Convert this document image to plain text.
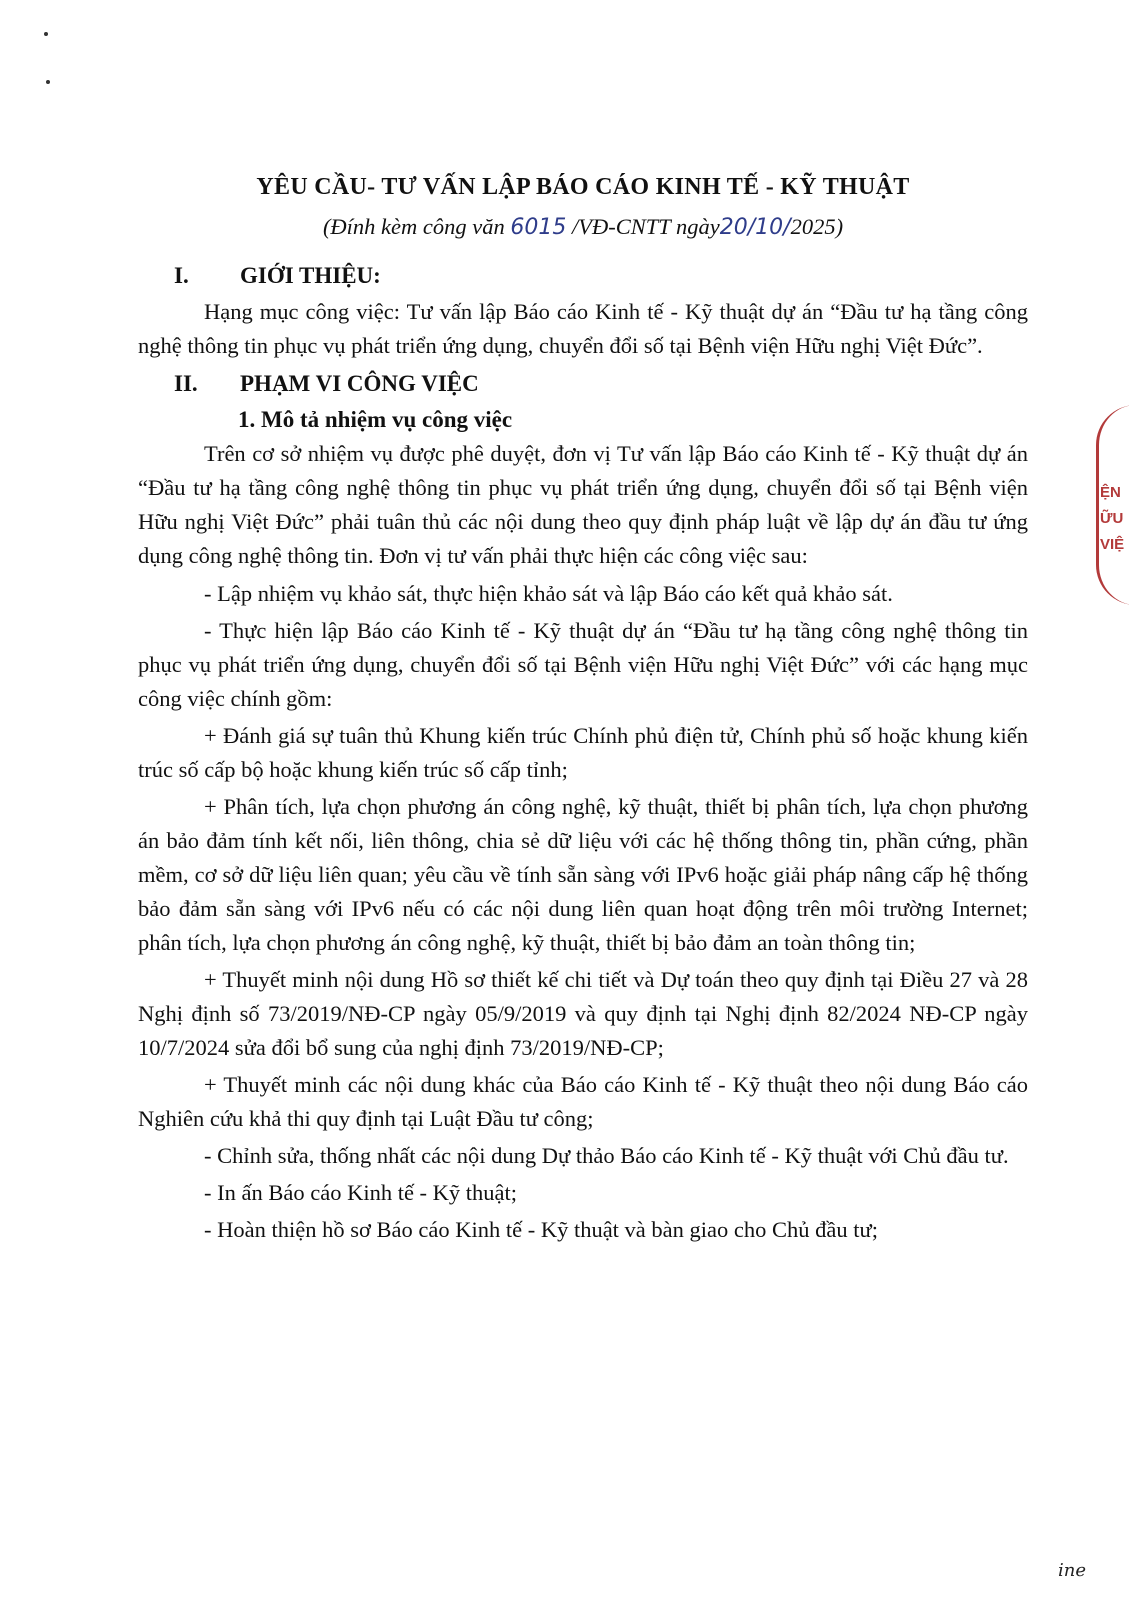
ỆN
ỮU
VIỆ
YÊU CẦU- TƯ VẤN LẬP BÁO CÁO KINH TẾ - KỸ THUẬT
(Đính kèm công văn 6015 /VĐ-CNTT ngày20/10/2025)
I. GIỚI THIỆU:

Hạng mục công việc: Tư vấn lập Báo cáo Kinh tế - Kỹ thuật dự án “Đầu tư hạ tầng công nghệ thông tin phục vụ phát triển ứng dụng, chuyển đổi số tại Bệnh viện Hữu nghị Việt Đức”.

II. PHẠM VI CÔNG VIỆC
1. Mô tả nhiệm vụ công việc

Trên cơ sở nhiệm vụ được phê duyệt, đơn vị Tư vấn lập Báo cáo Kinh tế - Kỹ thuật dự án “Đầu tư hạ tầng công nghệ thông tin phục vụ phát triển ứng dụng, chuyển đổi số tại Bệnh viện Hữu nghị Việt Đức” phải tuân thủ các nội dung theo quy định pháp luật về lập dự án đầu tư ứng dụng công nghệ thông tin. Đơn vị tư vấn phải thực hiện các công việc sau:

- Lập nhiệm vụ khảo sát, thực hiện khảo sát và lập Báo cáo kết quả khảo sát.

- Thực hiện lập Báo cáo Kinh tế - Kỹ thuật dự án “Đầu tư hạ tầng công nghệ thông tin phục vụ phát triển ứng dụng, chuyển đổi số tại Bệnh viện Hữu nghị Việt Đức” với các hạng mục công việc chính gồm:

+ Đánh giá sự tuân thủ Khung kiến trúc Chính phủ điện tử, Chính phủ số hoặc khung kiến trúc số cấp bộ hoặc khung kiến trúc số cấp tỉnh;

+ Phân tích, lựa chọn phương án công nghệ, kỹ thuật, thiết bị phân tích, lựa chọn phương án bảo đảm tính kết nối, liên thông, chia sẻ dữ liệu với các hệ thống thông tin, phần cứng, phần mềm, cơ sở dữ liệu liên quan; yêu cầu về tính sẵn sàng với IPv6 hoặc giải pháp nâng cấp hệ thống bảo đảm sẵn sàng với IPv6 nếu có các nội dung liên quan hoạt động trên môi trường Internet; phân tích, lựa chọn phương án công nghệ, kỹ thuật, thiết bị bảo đảm an toàn thông tin;

+ Thuyết minh nội dung Hồ sơ thiết kế chi tiết và Dự toán theo quy định tại Điều 27 và 28 Nghị định số 73/2019/NĐ-CP ngày 05/9/2019 và quy định tại Nghị định 82/2024 NĐ-CP ngày 10/7/2024 sửa đổi bổ sung của nghị định 73/2019/NĐ-CP;

+ Thuyết minh các nội dung khác của Báo cáo Kinh tế - Kỹ thuật theo nội dung Báo cáo Nghiên cứu khả thi quy định tại Luật Đầu tư công;

- Chỉnh sửa, thống nhất các nội dung Dự thảo Báo cáo Kinh tế - Kỹ thuật với Chủ đầu tư.

- In ấn Báo cáo Kinh tế - Kỹ thuật;

- Hoàn thiện hồ sơ Báo cáo Kinh tế - Kỹ thuật và bàn giao cho Chủ đầu tư;

ine
